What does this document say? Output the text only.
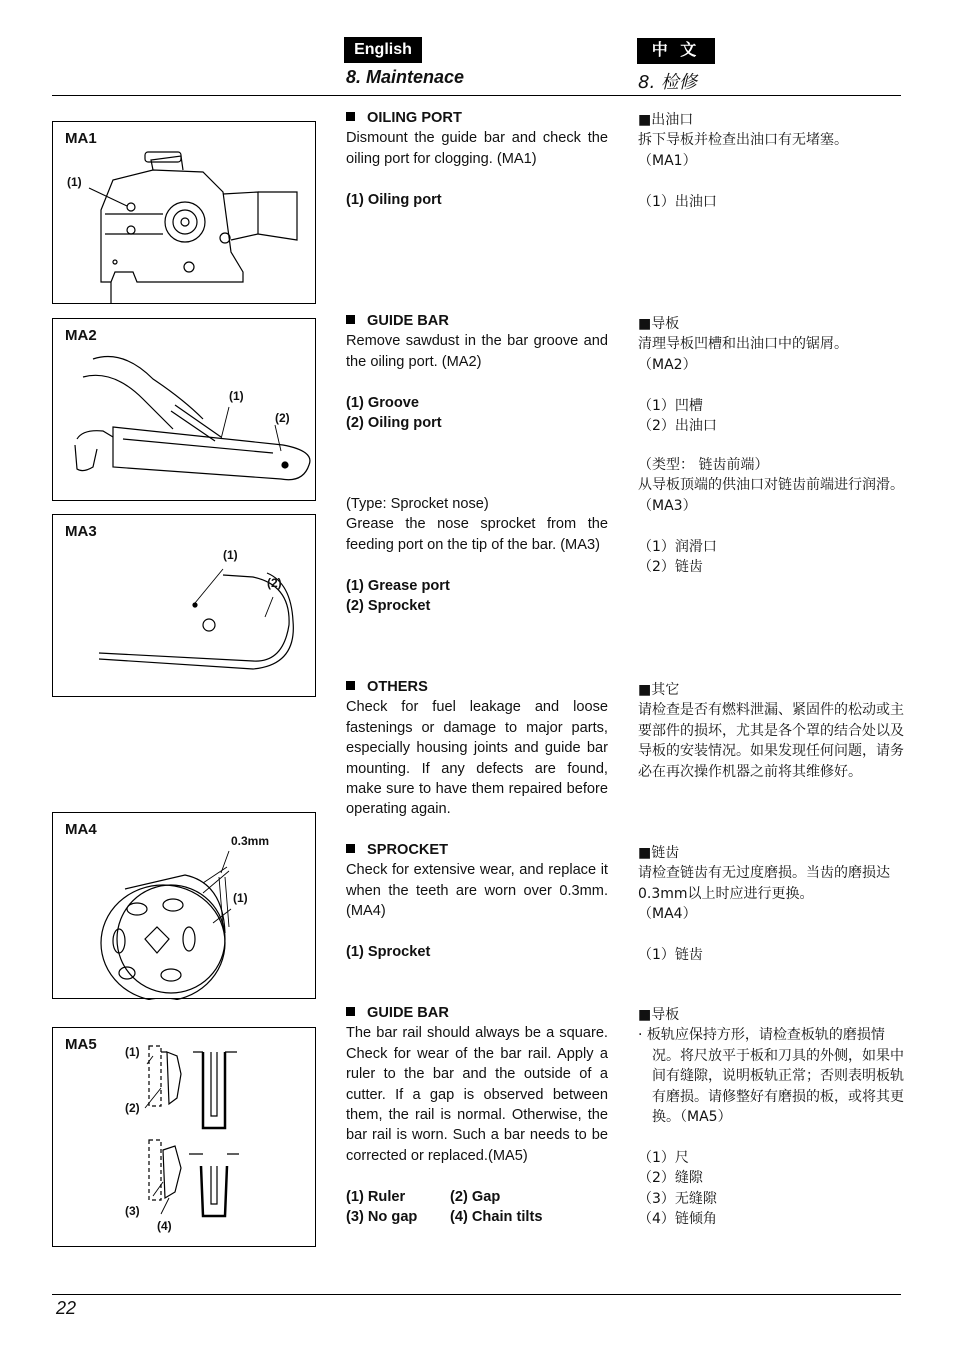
English	中 文
8. Maintenace	8. 检修
MA1
(1)
MA2
(1)
(2)
MA3
(1)
(2)
MA4
0.3mm
(1)
MA5 (1)
(2)
(3)
(4)
OILING PORT
Dismount the guide bar and check the oiling port for clogging. (MA1)

(1) Oiling port
■出油口
拆下导板并检查出油口有无堵塞。
（MA1）

（1）出油口
GUIDE BAR
Remove sawdust in the bar groove and the oiling port. (MA2)

(1) Groove
(2) Oiling port
■导板
清理导板凹槽和出油口中的锯屑。
（MA2）

（1）凹槽
（2）出油口
(Type: Sprocket nose)
Grease the nose sprocket from the feeding port on the tip of the bar. (MA3)

(1) Grease port
(2) Sprocket
（类型： 链齿前端）
从导板顶端的供油口对链齿前端进行润滑。（MA3）

（1）润滑口
（2）链齿
OTHERS
Check for fuel leakage and loose fastenings or damage to major parts, especially housing joints and guide bar mounting. If any defects are found, make sure to have them repaired before operating again.
■其它
请检查是否有燃料泄漏、紧固件的松动或主要部件的损坏，尤其是各个罩的结合处以及导板的安装情况。如果发现任何问题，请务必在再次操作机器之前将其维修好。
SPROCKET
Check for extensive wear, and replace it when the teeth are worn over 0.3mm. (MA4)

(1) Sprocket
■链齿
请检查链齿有无过度磨损。当齿的磨损达0.3mm以上时应进行更换。
（MA4）

（1）链齿
GUIDE BAR
The bar rail should always be a square. Check for wear of the bar rail. Apply a ruler to the bar and the outside of a cutter. If a gap is observed between them, the rail is normal. Otherwise, the bar rail is worn. Such a bar needs to be corrected or replaced.(MA5)

(1) Ruler	(2) Gap
(3) No gap (4) Chain tilts
■导板
· 板轨应保持方形，请检查板轨的磨损情况。将尺放平于板和刀具的外侧，如果中间有缝隙，说明板轨正常；否则表明板轨有磨损。请修整好有磨损的板，或将其更换。（MA5）

（1）尺
（2）缝隙
（3）无缝隙
（4）链倾角
22
